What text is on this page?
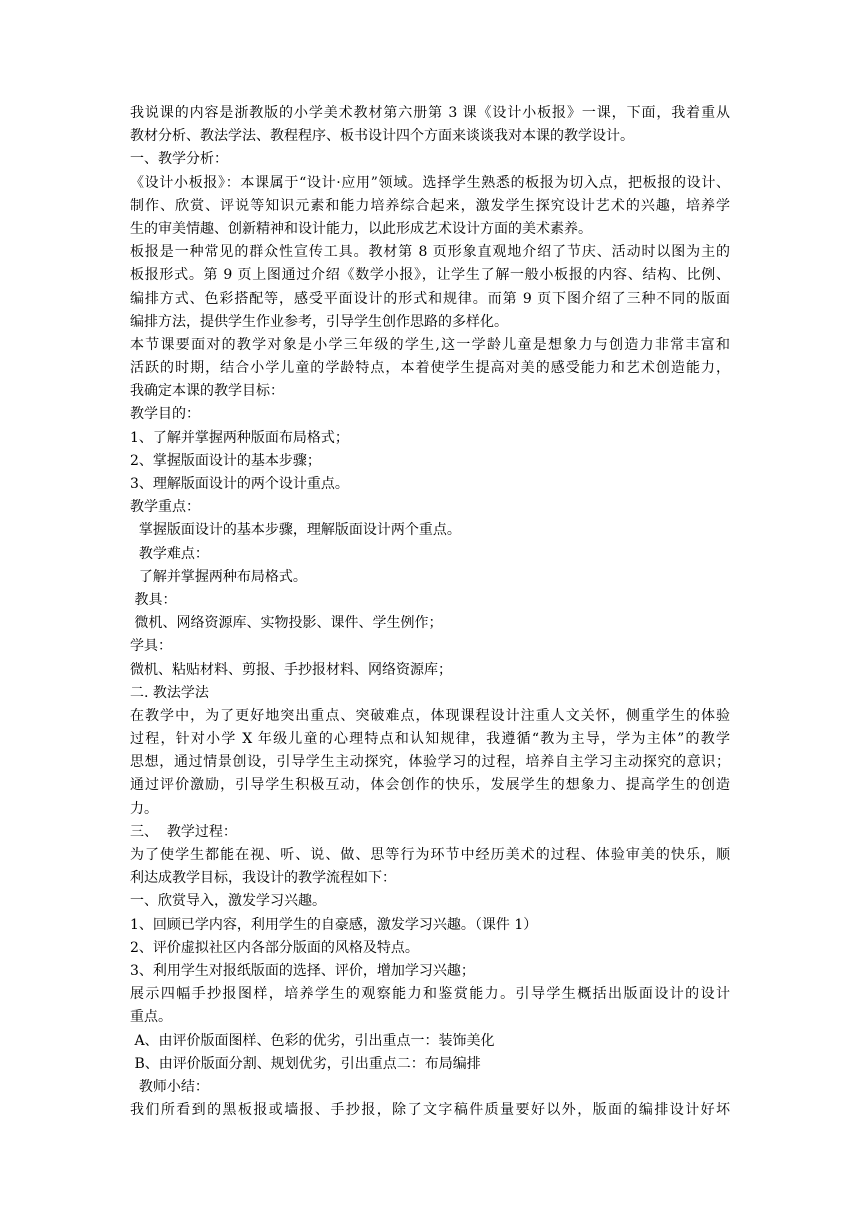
我说课的内容是浙教版的小学美术教材第六册第 3 课《设计小板报》一课，下面，我着重从
教材分析、教法学法、教程程序、板书设计四个方面来谈谈我对本课的教学设计。
一、教学分析：
《设计小板报》：本课属于“设计·应用”领域。选择学生熟悉的板报为切入点，把板报的设计、
制作、欣赏、评说等知识元素和能力培养综合起来，激发学生探究设计艺术的兴趣，培养学
生的审美情趣、创新精神和设计能力，以此形成艺术设计方面的美术素养。
板报是一种常见的群众性宣传工具。教材第 8 页形象直观地介绍了节庆、活动时以图为主的
板报形式。第 9 页上图通过介绍《数学小报》，让学生了解一般小板报的内容、结构、比例、
编排方式、色彩搭配等，感受平面设计的形式和规律。而第 9 页下图介绍了三种不同的版面
编排方法，提供学生作业参考，引导学生创作思路的多样化。
本节课要面对的教学对象是小学三年级的学生,这一学龄儿童是想象力与创造力非常丰富和
活跃的时期，结合小学儿童的学龄特点，本着使学生提高对美的感受能力和艺术创造能力，
我确定本课的教学目标：
教学目的：
1、了解并掌握两种版面布局格式；
2、掌握版面设计的基本步骤；
3、理解版面设计的两个设计重点。
教学重点：
掌握版面设计的基本步骤，理解版面设计两个重点。
教学难点：
了解并掌握两种布局格式。
教具：
微机、网络资源库、实物投影、课件、学生例作；
学具：
微机、粘贴材料、剪报、手抄报材料、网络资源库；
二. 教法学法
在教学中，为了更好地突出重点、突破难点，体现课程设计注重人文关怀，侧重学生的体验
过程，针对小学 X 年级儿童的心理特点和认知规律，我遵循“教为主导，学为主体”的教学
思想，通过情景创设，引导学生主动探究，体验学习的过程，培养自主学习主动探究的意识；
通过评价激励，引导学生积极互动，体会创作的快乐，发展学生的想象力、提高学生的创造
力。
三、  教学过程：
为了使学生都能在视、听、说、做、思等行为环节中经历美术的过程、体验审美的快乐，顺
利达成教学目标，我设计的教学流程如下：
一、欣赏导入，激发学习兴趣。
1、回顾已学内容，利用学生的自豪感，激发学习兴趣。（课件 1）
2、评价虚拟社区内各部分版面的风格及特点。
3、利用学生对报纸版面的选择、评价，增加学习兴趣；
展示四幅手抄报图样，培养学生的观察能力和鉴赏能力。引导学生概括出版面设计的设计
重点。
A、由评价版面图样、色彩的优劣，引出重点一：装饰美化
B、由评价版面分割、规划优劣，引出重点二：布局编排
教师小结：
我们所看到的黑板报或墙报、手抄报，除了文字稿件质量要好以外，版面的编排设计好坏
